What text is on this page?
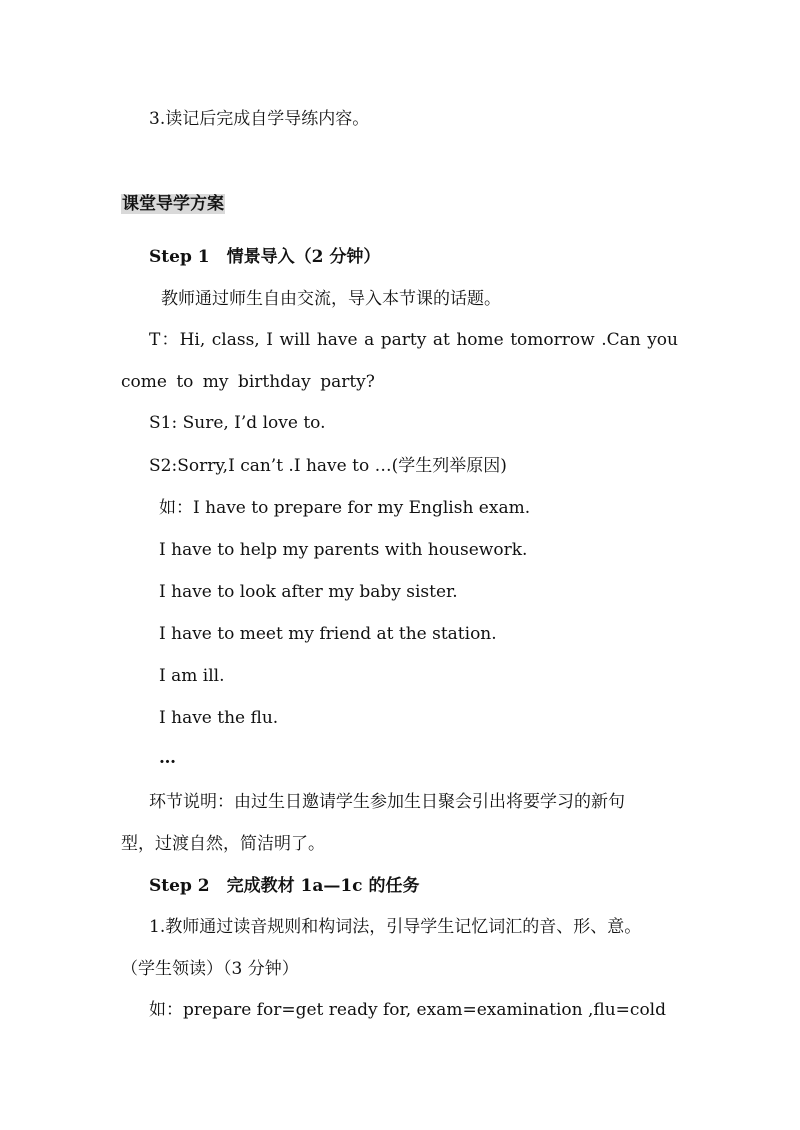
3.读记后完成自学导练内容。
课堂导学方案
Step 1　情景导入（2 分钟）
教师通过师生自由交流，导入本节课的话题。
T：Hi, class, I will have a party at home tomorrow .Can you
come to my birthday party?
S1: Sure, I’d love to.
S2:Sorry,I can’t .I have to …(学生列举原因)
如：I have to prepare for my English exam.
I have to help my parents with housework.
I have to look after my baby sister.
I have to meet my friend at the station.
I am ill.
I have the flu.
…
环节说明：由过生日邀请学生参加生日聚会引出将要学习的新句
型，过渡自然，简洁明了。
Step 2　完成教材 1a—1c 的任务
1.教师通过读音规则和构词法，引导学生记忆词汇的音、形、意。
（学生领读）（3 分钟）
如：prepare for=get ready for, exam=examination ,flu=cold
